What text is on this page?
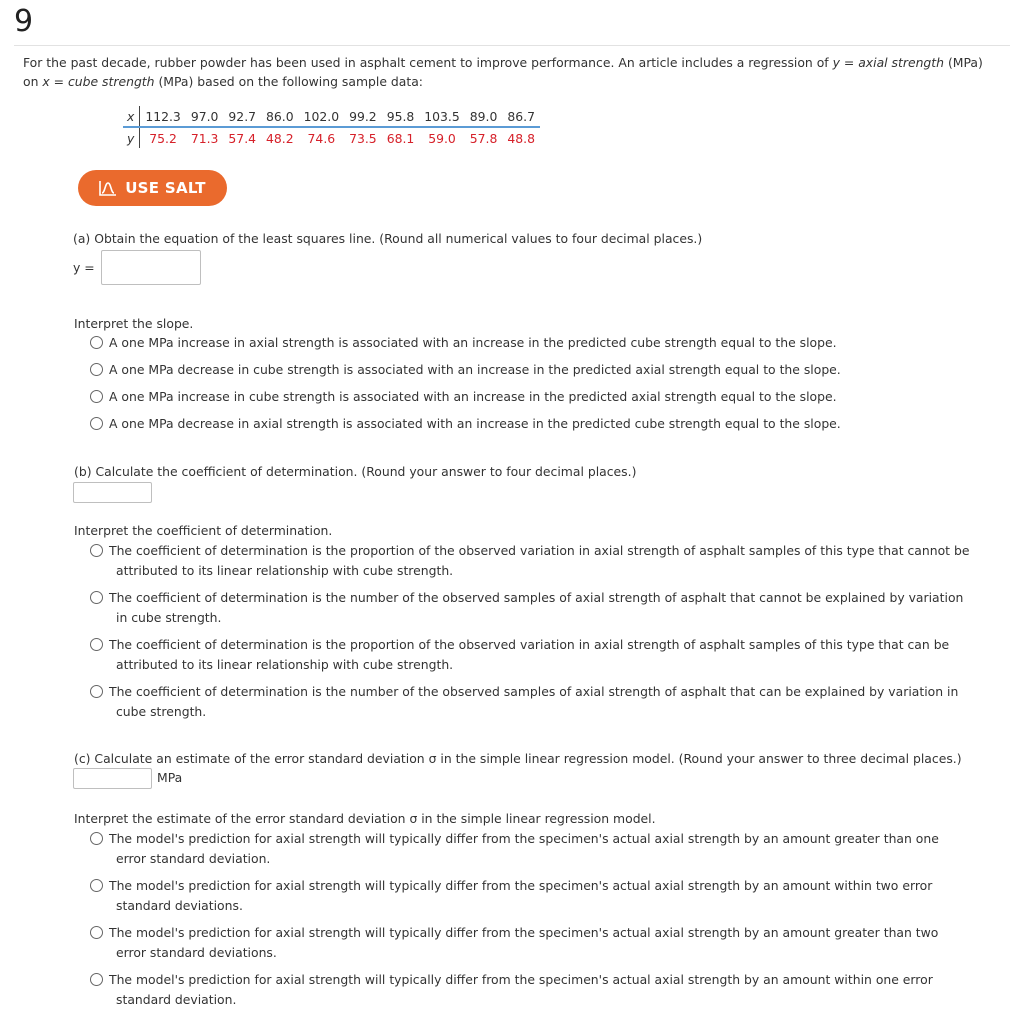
9
For the past decade, rubber powder has been used in asphalt cement to improve performance. An article includes a regression of y = axial strength (MPa) on x = cube strength (MPa) based on the following sample data:
x	112.3	97.0	92.7	86.0	102.0	99.2	95.8	103.5	89.0	86.7
y	75.2	71.3	57.4	48.2	74.6	73.5	68.1	59.0	57.8	48.8
USE SALT
(a) Obtain the equation of the least squares line. (Round all numerical values to four decimal places.)
y =
Interpret the slope.
A one MPa increase in axial strength is associated with an increase in the predicted cube strength equal to the slope.
A one MPa decrease in cube strength is associated with an increase in the predicted axial strength equal to the slope.
A one MPa increase in cube strength is associated with an increase in the predicted axial strength equal to the slope.
A one MPa decrease in axial strength is associated with an increase in the predicted cube strength equal to the slope.
(b) Calculate the coefficient of determination. (Round your answer to four decimal places.)
Interpret the coefficient of determination.
The coefficient of determination is the proportion of the observed variation in axial strength of asphalt samples of this type that cannot be
attributed to its linear relationship with cube strength.
The coefficient of determination is the number of the observed samples of axial strength of asphalt that cannot be explained by variation
in cube strength.
The coefficient of determination is the proportion of the observed variation in axial strength of asphalt samples of this type that can be
attributed to its linear relationship with cube strength.
The coefficient of determination is the number of the observed samples of axial strength of asphalt that can be explained by variation in
cube strength.
(c) Calculate an estimate of the error standard deviation σ in the simple linear regression model. (Round your answer to three decimal places.)
MPa
Interpret the estimate of the error standard deviation σ in the simple linear regression model.
The model's prediction for axial strength will typically differ from the specimen's actual axial strength by an amount greater than one
error standard deviation.
The model's prediction for axial strength will typically differ from the specimen's actual axial strength by an amount within two error
standard deviations.
The model's prediction for axial strength will typically differ from the specimen's actual axial strength by an amount greater than two
error standard deviations.
The model's prediction for axial strength will typically differ from the specimen's actual axial strength by an amount within one error
standard deviation.
